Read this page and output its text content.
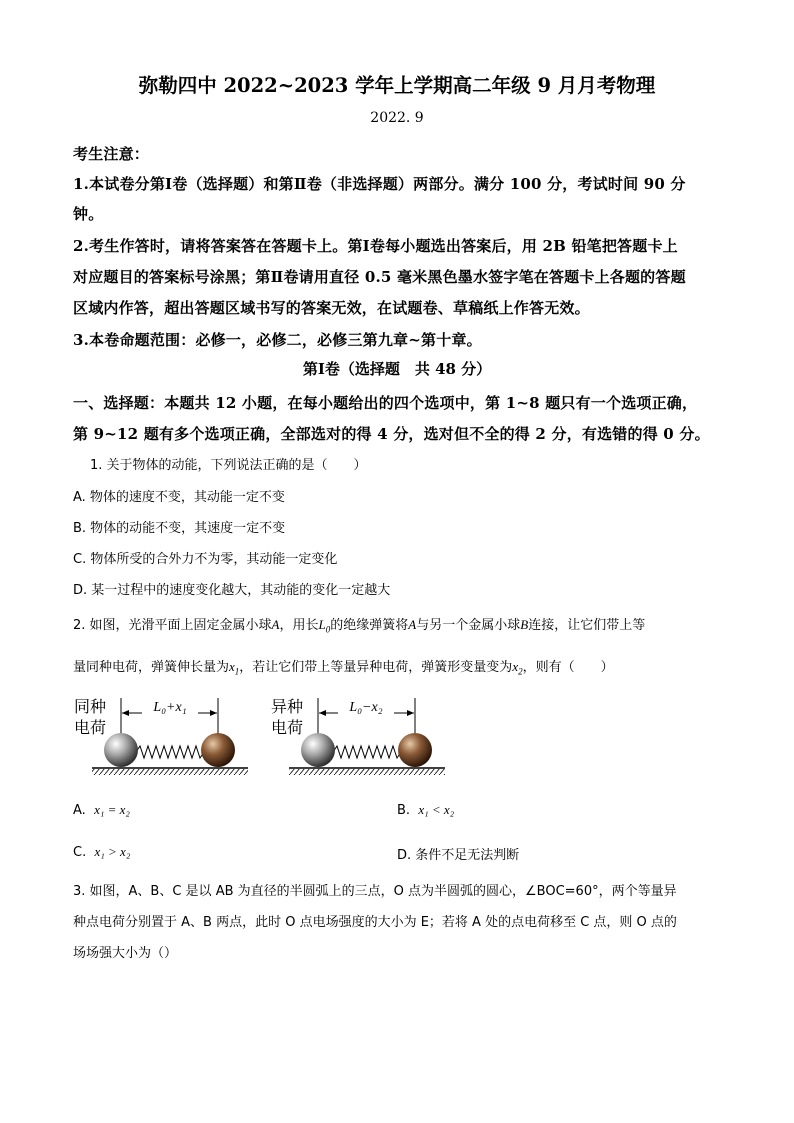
弥勒四中 2022~2023 学年上学期高二年级 9 月月考物理
2022. 9
考生注意：
1.本试卷分第Ⅰ卷（选择题）和第Ⅱ卷（非选择题）两部分。满分 100 分，考试时间 90 分
钟。
2.考生作答时，请将答案答在答题卡上。第Ⅰ卷每小题选出答案后，用 2B 铅笔把答题卡上
对应题目的答案标号涂黑；第Ⅱ卷请用直径 0.5 毫米黑色墨水签字笔在答题卡上各题的答题
区域内作答，超出答题区域书写的答案无效，在试题卷、草稿纸上作答无效。
3.本卷命题范围：必修一，必修二，必修三第九章~第十章。
第Ⅰ卷（选择题　共 48 分）
一、选择题：本题共 12 小题，在每小题给出的四个选项中，第 1~8 题只有一个选项正确，
第 9~12 题有多个选项正确，全部选对的得 4 分，选对但不全的得 2 分，有选错的得 0 分。
1. 关于物体的动能，下列说法正确的是（　　）
A. 物体的速度不变，其动能一定不变
B. 物体的动能不变，其速度一定不变
C. 物体所受的合外力不为零，其动能一定变化
D. 某一过程中的速度变化越大，其动能的变化一定越大
2. 如图，光滑平面上固定金属小球A，用长$L_0$的绝缘弹簧将A与另一个金属小球B连接，让它们带上等
量同种电荷，弹簧伸长量为$x_1$，若让它们带上等量异种电荷，弹簧形变量变为$x_2$，则有（　　）
同种
电荷
L₀+x₁	异种
电荷
L₀−x₂
A. x₁ = x₂	B. x₁ < x₂
C. x₁ > x₂	D. 条件不足无法判断
3. 如图，A、B、C 是以 AB 为直径的半圆弧上的三点，O 点为半圆弧的圆心，∠BOC=60°，两个等量异
种点电荷分别置于 A、B 两点，此时 O 点电场强度的大小为 E；若将 A 处的点电荷移至 C 点，则 O 点的
场场强大小为（）
